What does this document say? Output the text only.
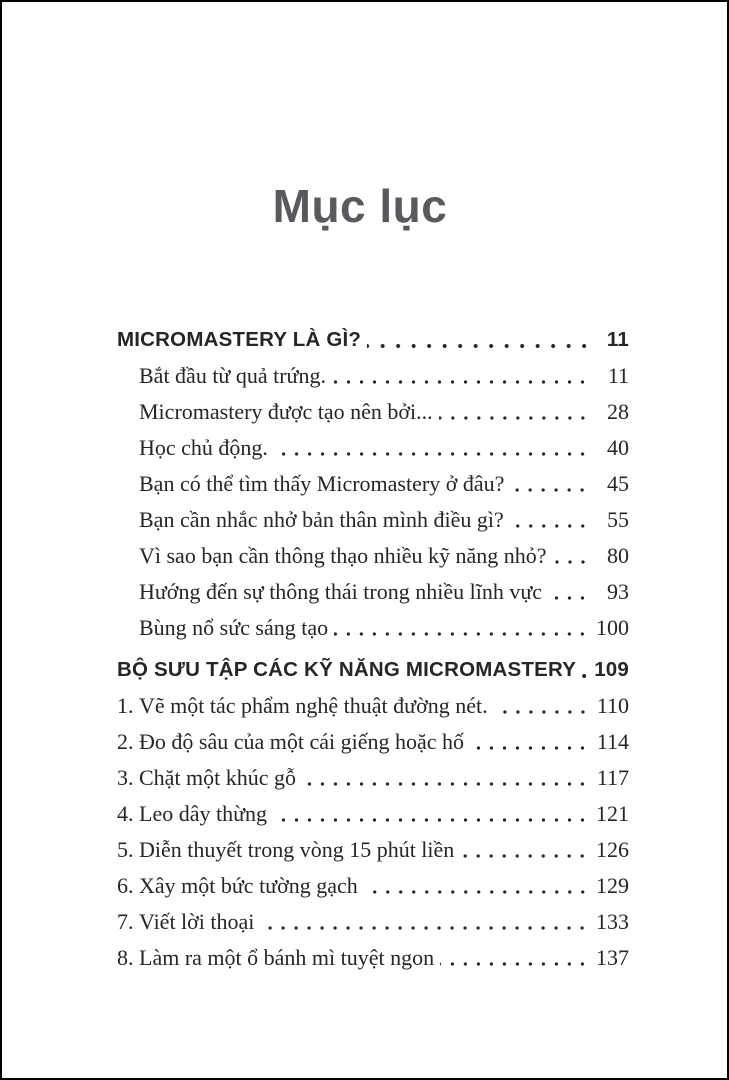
Mục lục
MICROMASTERY LÀ GÌ?	11
Bắt đầu từ quả trứng.	11
Micromastery được tạo nên bởi...	28
Học chủ động.	40
Bạn có thể tìm thấy Micromastery ở đâu?	45
Bạn cần nhắc nhở bản thân mình điều gì?	55
Vì sao bạn cần thông thạo nhiều kỹ năng nhỏ?	80
Hướng đến sự thông thái trong nhiều lĩnh vực	93
Bùng nổ sức sáng tạo	100
BỘ SƯU TẬP CÁC KỸ NĂNG MICROMASTERY 109
1. Vẽ một tác phẩm nghệ thuật đường nét.	110
2. Đo độ sâu của một cái giếng hoặc hố	114
3. Chặt một khúc gỗ	117
4. Leo dây thừng	121
5. Diễn thuyết trong vòng 15 phút liền	126
6. Xây một bức tường gạch	129
7. Viết lời thoại	133
8. Làm ra một ổ bánh mì tuyệt ngon	137
